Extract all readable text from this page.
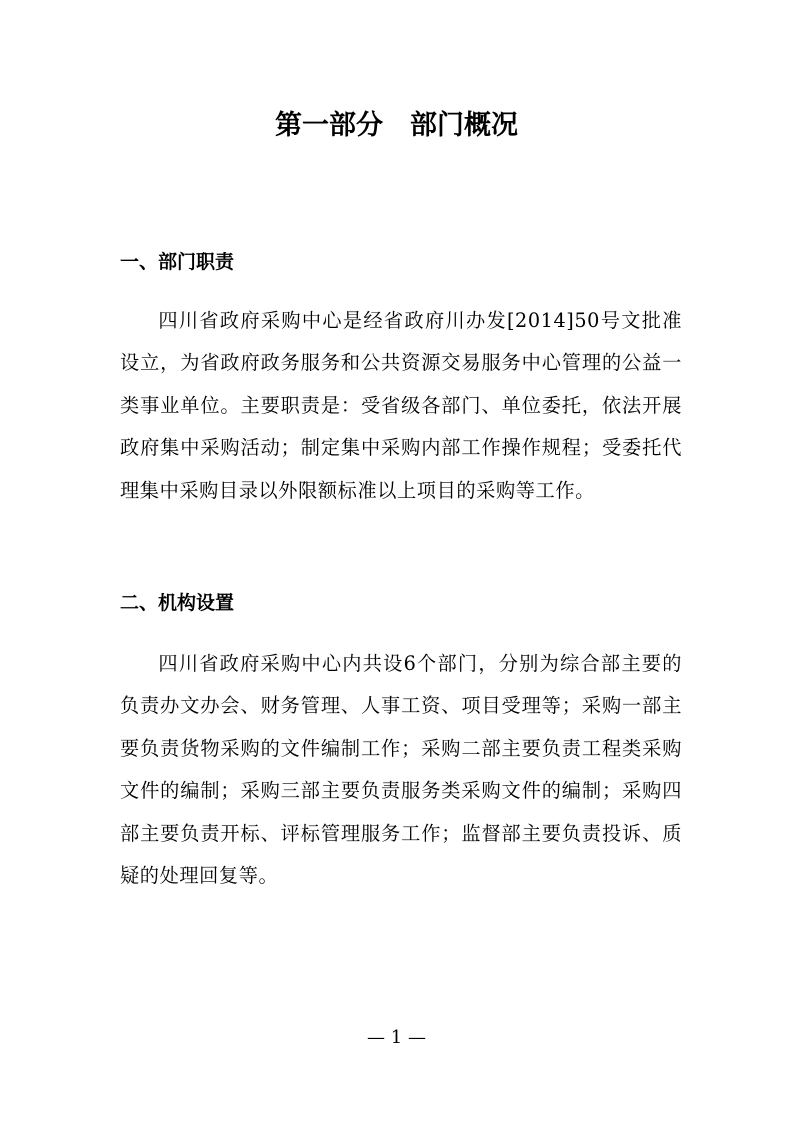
第一部分　部门概况
一、部门职责

四川省政府采购中心是经省政府川办发[2014]50号文批准设立，为省政府政务服务和公共资源交易服务中心管理的公益一类事业单位。主要职责是：受省级各部门、单位委托，依法开展政府集中采购活动；制定集中采购内部工作操作规程；受委托代理集中采购目录以外限额标准以上项目的采购等工作。

二、机构设置

四川省政府采购中心内共设6个部门，分别为综合部主要的负责办文办会、财务管理、人事工资、项目受理等；采购一部主要负责货物采购的文件编制工作；采购二部主要负责工程类采购文件的编制；采购三部主要负责服务类采购文件的编制；采购四部主要负责开标、评标管理服务工作；监督部主要负责投诉、质疑的处理回复等。

— 1 —
